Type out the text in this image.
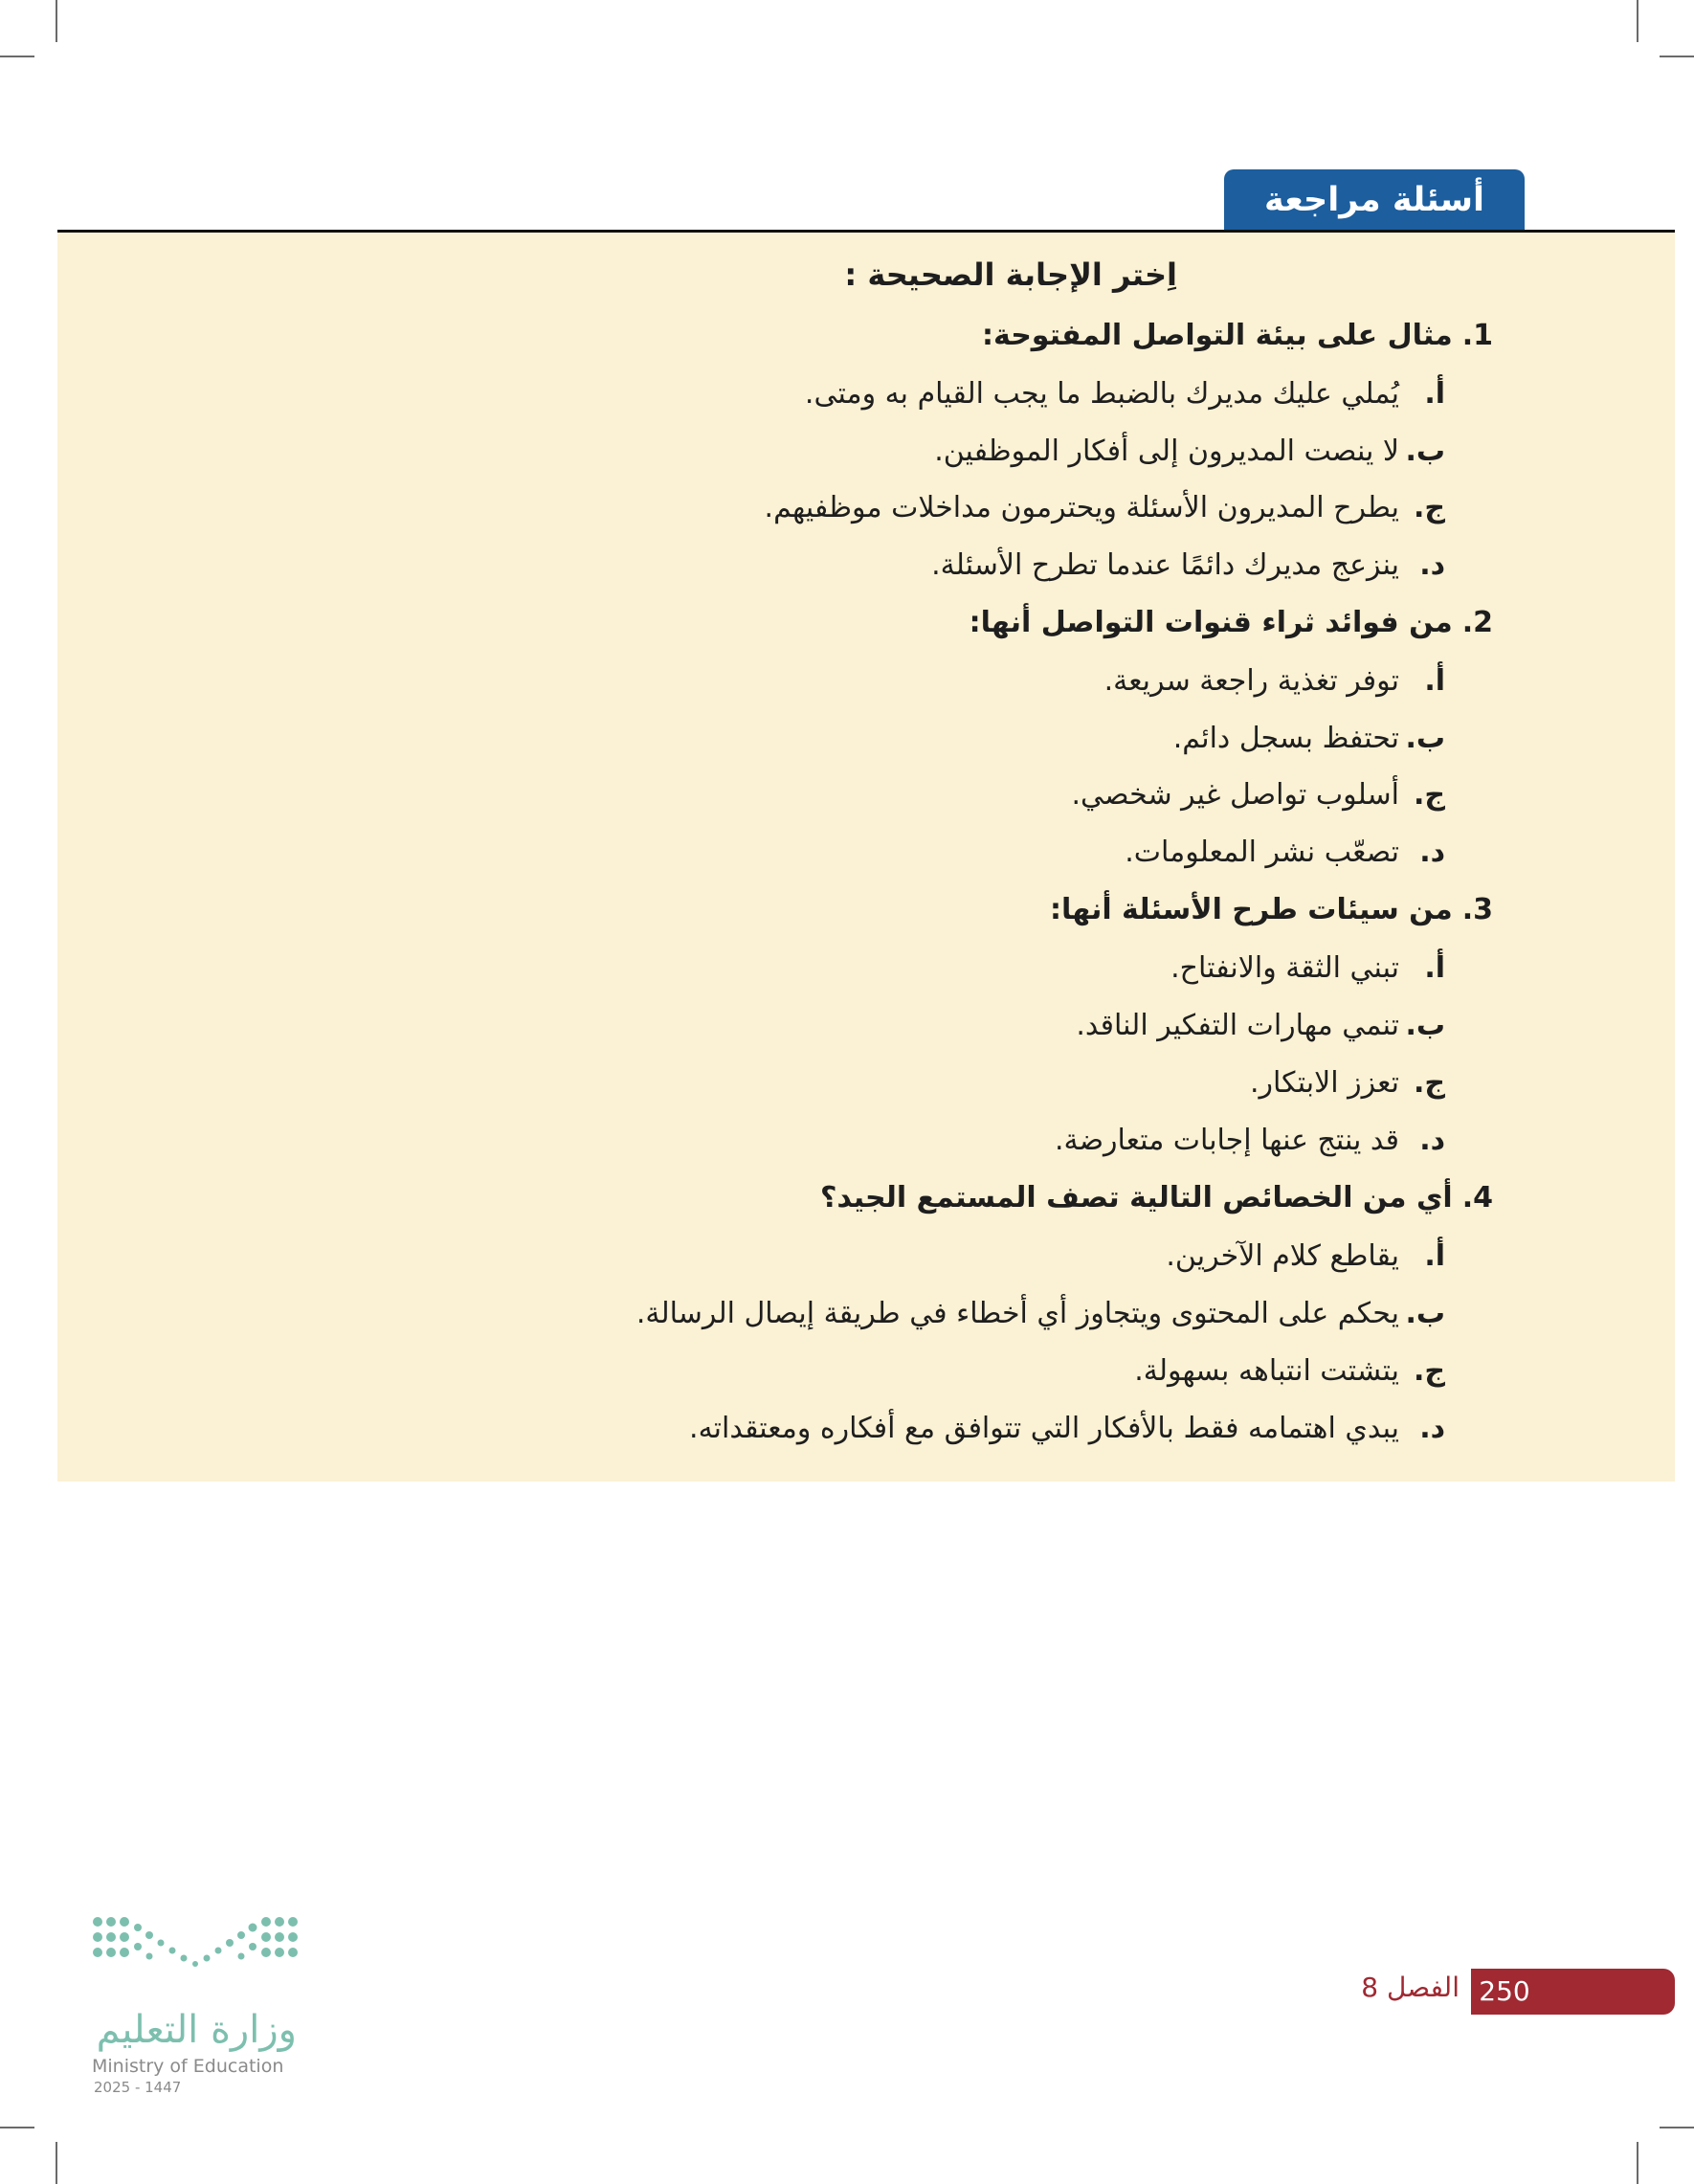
أسئلة مراجعة
اِختر الإجابة الصحيحة :
1.
مثال على بيئة التواصل المفتوحة:
أ.
يُملي عليك مديرك بالضبط ما يجب القيام به ومتى.
ب.
لا ينصت المديرون إلى أفكار الموظفين.
ج.
يطرح المديرون الأسئلة ويحترمون مداخلات موظفيهم.
د.
ينزعج مديرك دائمًا عندما تطرح الأسئلة.
2.
من فوائد ثراء قنوات التواصل أنها:
أ.
توفر تغذية راجعة سريعة.
ب.
تحتفظ بسجل دائم.
ج.
أسلوب تواصل غير شخصي.
د.
تصعّب نشر المعلومات.
3.
من سيئات طرح الأسئلة أنها:
أ.
تبني الثقة والانفتاح.
ب.
تنمي مهارات التفكير الناقد.
ج.
تعزز الابتكار.
د.
قد ينتج عنها إجابات متعارضة.
4.
أي من الخصائص التالية تصف المستمع الجيد؟
أ.
يقاطع كلام الآخرين.
ب.
يحكم على المحتوى ويتجاوز أي أخطاء في طريقة إيصال الرسالة.
ج.
يتشتت انتباهه بسهولة.
د.
يبدي اهتمامه فقط بالأفكار التي تتوافق مع أفكاره ومعتقداته.
250
الفصل 8
وزارة التعليم
Ministry of Education
2025 - 1447
